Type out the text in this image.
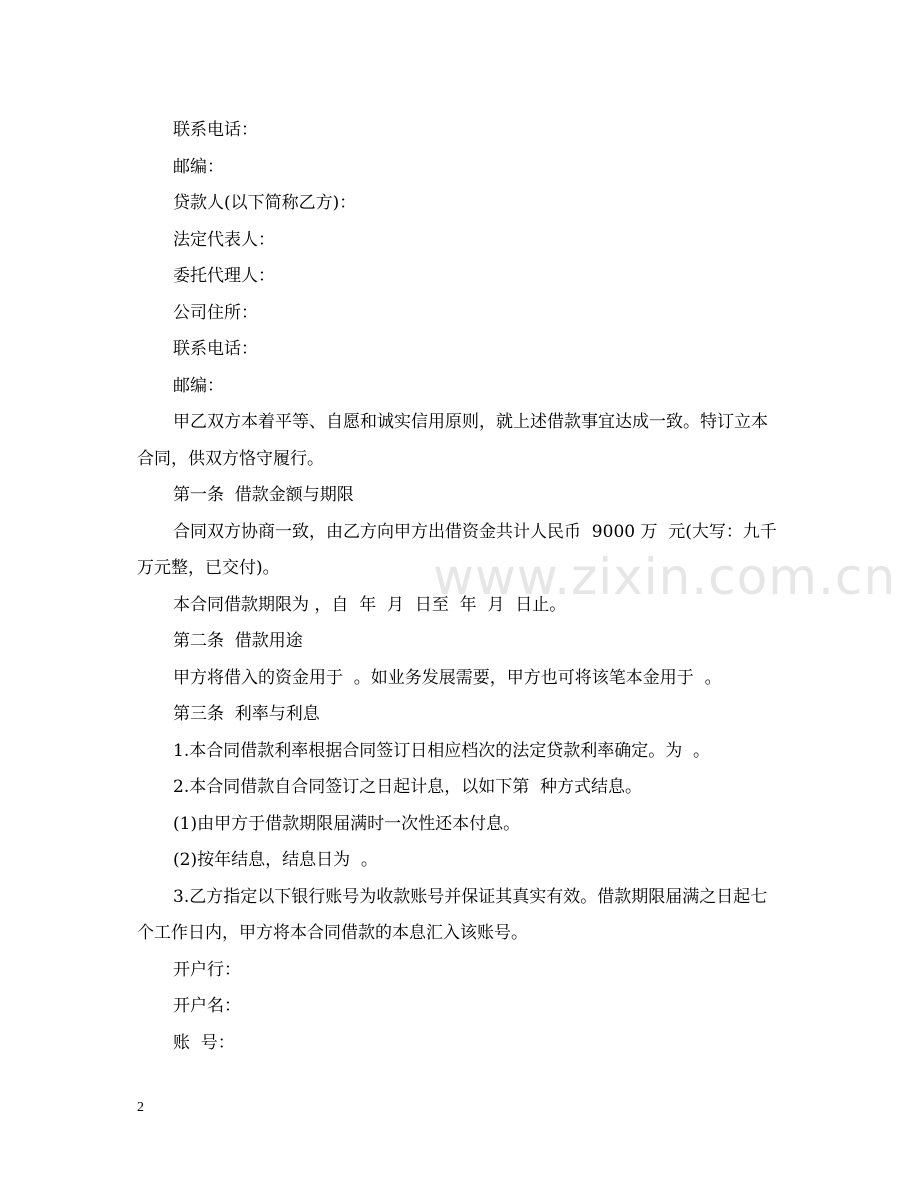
www.zixin.com.cn

联系电话：

邮编：

贷款人(以下简称乙方)：

法定代表人：

委托代理人：

公司住所：

联系电话：

邮编：

甲乙双方本着平等、自愿和诚实信用原则，就上述借款事宜达成一致。特订立本合同，供双方恪守履行。

第一条  借款金额与期限

合同双方协商一致，由乙方向甲方出借资金共计人民币  9000 万  元(大写：九千万元整，已交付)。

本合同借款期限为 ，自  年  月  日至  年  月  日止。

第二条  借款用途

甲方将借入的资金用于  。如业务发展需要，甲方也可将该笔本金用于  。

第三条  利率与利息

1.本合同借款利率根据合同签订日相应档次的法定贷款利率确定。为  。

2.本合同借款自合同签订之日起计息，以如下第  种方式结息。

(1)由甲方于借款期限届满时一次性还本付息。

(2)按年结息，结息日为  。

3.乙方指定以下银行账号为收款账号并保证其真实有效。借款期限届满之日起七个工作日内，甲方将本合同借款的本息汇入该账号。

开户行：

开户名：

账  号：

2
